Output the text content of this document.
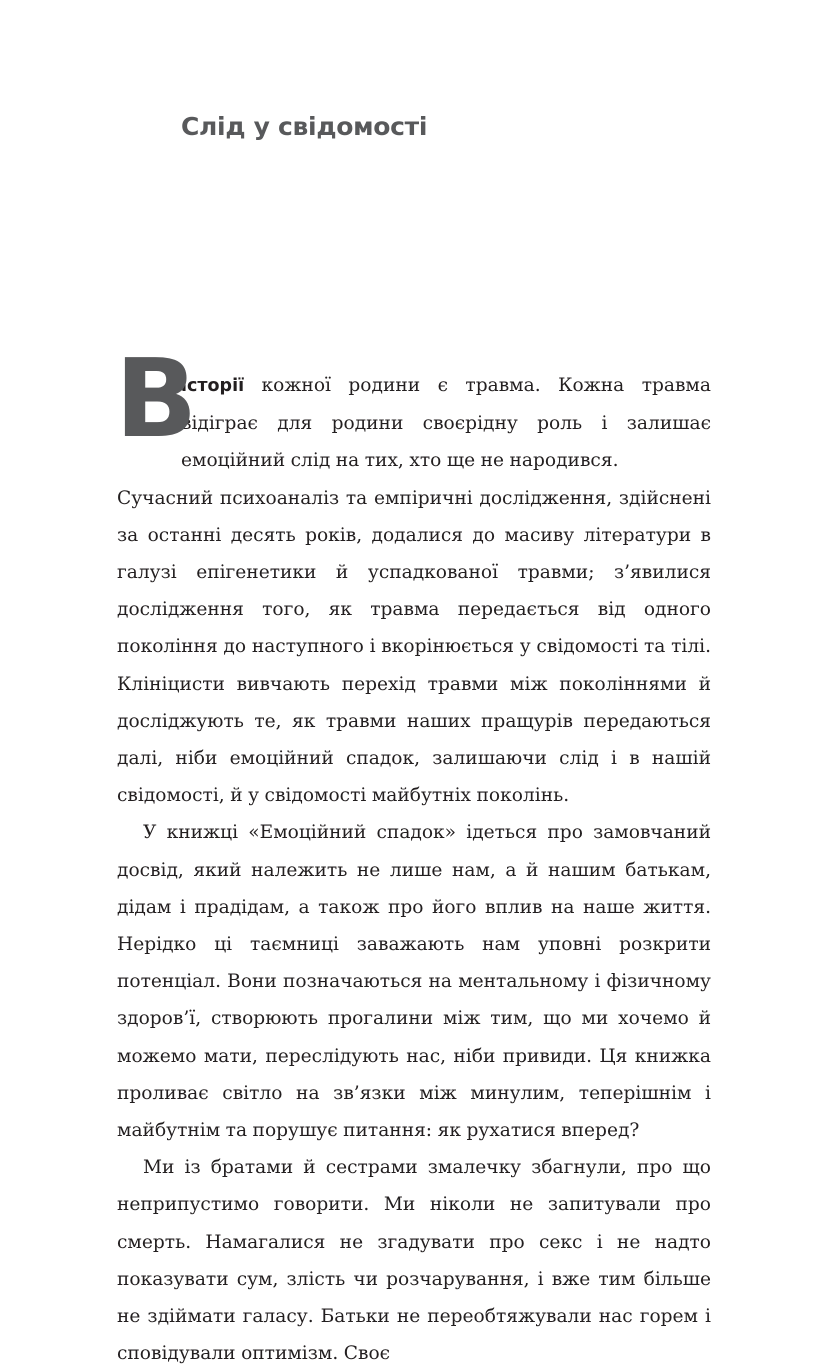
Слід у свідомості

В
історії кожної родини є травма. Кожна травма відіграє для родини своєрідну роль і залишає емоційний слід на тих, хто ще не народився.

Сучасний психоаналіз та емпіричні дослідження, здійснені за останні десять років, додалися до масиву літератури в галузі епігенетики й успадкованої травми; з’явилися дослідження того, як травма передається від одного покоління до наступного і вкорінюється у свідомості та тілі. Клініцисти вивчають перехід травми між поколіннями й досліджують те, як травми наших пращурів передаються далі, ніби емоційний спадок, залишаючи слід і в нашій свідомості, й у свідомості майбутніх поколінь.

У книжці «Емоційний спадок» ідеться про замовчаний досвід, який належить не лише нам, а й нашим батькам, дідам і прадідам, а також про його вплив на наше життя. Нерідко ці таємниці заважають нам уповні розкрити потенціал. Вони позначаються на ментальному і фізичному здоров’ї, створюють прогалини між тим, що ми хочемо й можемо мати, переслідують нас, ніби привиди. Ця книжка проливає світло на зв’язки між минулим, теперішнім і майбутнім та порушує питання: як рухатися вперед?

Ми із братами й сестрами змалечку збагнули, про що неприпустимо говорити. Ми ніколи не запитували про смерть. Намагалися не згадувати про секс і не надто показувати сум, злість чи розчарування, і вже тим більше не здіймати галасу. Батьки не переобтяжували нас горем і сповідували оптимізм. Своє
